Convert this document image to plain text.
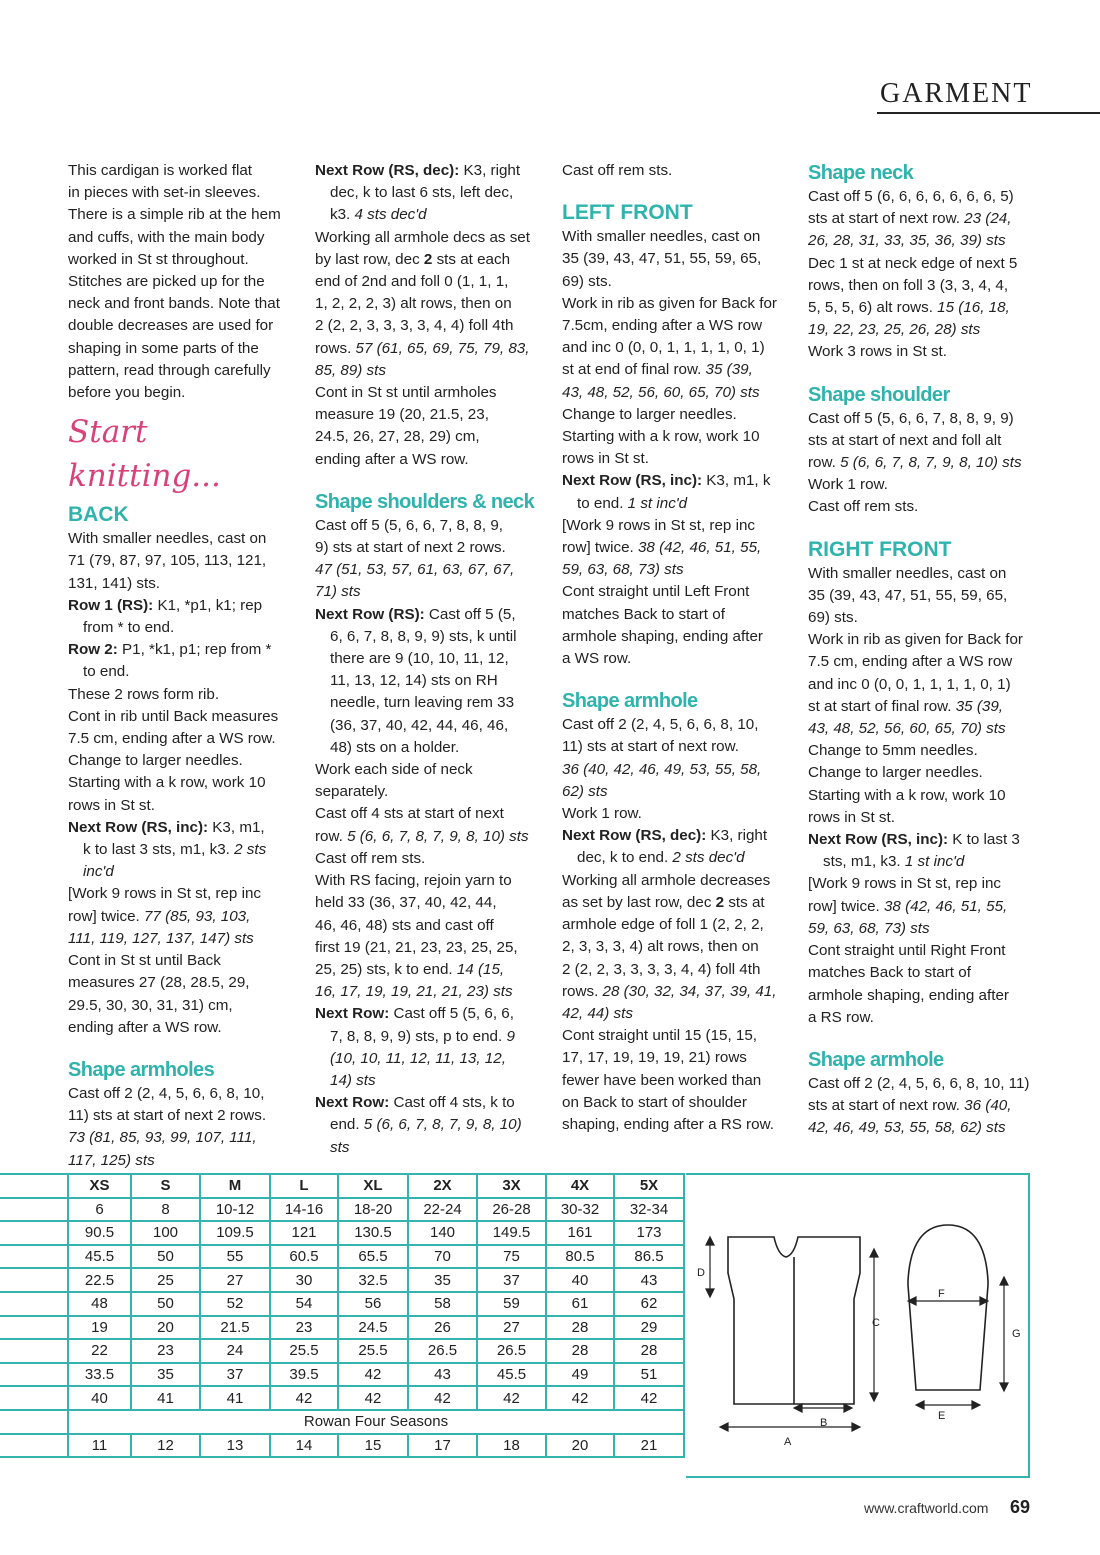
GARMENT

This cardigan is worked flat

in pieces with set-in sleeves.

There is a simple rib at the hem

and cuffs, with the main body

worked in St st throughout.

Stitches are picked up for the

neck and front bands. Note that

double decreases are used for

shaping in some parts of the

pattern, read through carefully

before you begin.

Start knitting...
BACK

With smaller needles, cast on

71 (79, 87, 97, 105, 113, 121,

131, 141) sts.

Row 1 (RS): K1, *p1, k1; rep

from * to end.

Row 2: P1, *k1, p1; rep from *

to end.

These 2 rows form rib.

Cont in rib until Back measures

7.5 cm, ending after a WS row.

Change to larger needles.

Starting with a k row, work 10

rows in St st.

Next Row (RS, inc): K3, m1,

k to last 3 sts, m1, k3. 2 sts

inc'd

[Work 9 rows in St st, rep inc

row] twice. 77 (85, 93, 103,

111, 119, 127, 137, 147) sts

Cont in St st until Back

measures 27 (28, 28.5, 29,

29.5, 30, 30, 31, 31) cm,

ending after a WS row.

Shape armholes

Cast off 2 (2, 4, 5, 6, 6, 8, 10,

11) sts at start of next 2 rows.

73 (81, 85, 93, 99, 107, 111,

117, 125) sts

Next Row (RS, dec): K3, right

dec, k to last 6 sts, left dec,

k3. 4 sts dec'd

Working all armhole decs as set

by last row, dec 2 sts at each

end of 2nd and foll 0 (1, 1, 1,

1, 2, 2, 2, 3) alt rows, then on

2 (2, 2, 3, 3, 3, 3, 4, 4) foll 4th

rows. 57 (61, 65, 69, 75, 79, 83,

85, 89) sts

Cont in St st until armholes

measure 19 (20, 21.5, 23,

24.5, 26, 27, 28, 29) cm,

ending after a WS row.

Shape shoulders & neck

Cast off 5 (5, 6, 6, 7, 8, 8, 9,

9) sts at start of next 2 rows.

47 (51, 53, 57, 61, 63, 67, 67,

71) sts

Next Row (RS): Cast off 5 (5,

6, 6, 7, 8, 8, 9, 9) sts, k until

there are 9 (10, 10, 11, 12,

11, 13, 12, 14) sts on RH

needle, turn leaving rem 33

(36, 37, 40, 42, 44, 46, 46,

48) sts on a holder.

Work each side of neck

separately.

Cast off 4 sts at start of next

row. 5 (6, 6, 7, 8, 7, 9, 8, 10) sts

Cast off rem sts.

With RS facing, rejoin yarn to

held 33 (36, 37, 40, 42, 44,

46, 46, 48) sts and cast off

first 19 (21, 21, 23, 23, 25, 25,

25, 25) sts, k to end. 14 (15,

16, 17, 19, 19, 21, 21, 23) sts

Next Row: Cast off 5 (5, 6, 6,

7, 8, 8, 9, 9) sts, p to end. 9

(10, 10, 11, 12, 11, 13, 12,

14) sts

Next Row: Cast off 4 sts, k to

end. 5 (6, 6, 7, 8, 7, 9, 8, 10) sts

Cast off rem sts.

LEFT FRONT

With smaller needles, cast on

35 (39, 43, 47, 51, 55, 59, 65,

69) sts.

Work in rib as given for Back for

7.5cm, ending after a WS row

and inc 0 (0, 0, 1, 1, 1, 1, 0, 1)

st at end of final row. 35 (39,

43, 48, 52, 56, 60, 65, 70) sts

Change to larger needles.

Starting with a k row, work 10

rows in St st.

Next Row (RS, inc): K3, m1, k

to end. 1 st inc'd

[Work 9 rows in St st, rep inc

row] twice. 38 (42, 46, 51, 55,

59, 63, 68, 73) sts

Cont straight until Left Front

matches Back to start of

armhole shaping, ending after

a WS row.

Shape armhole

Cast off 2 (2, 4, 5, 6, 6, 8, 10,

11) sts at start of next row.

36 (40, 42, 46, 49, 53, 55, 58,

62) sts

Work 1 row.

Next Row (RS, dec): K3, right

dec, k to end. 2 sts dec'd

Working all armhole decreases

as set by last row, dec 2 sts at

armhole edge of foll 1 (2, 2, 2,

2, 3, 3, 3, 4) alt rows, then on

2 (2, 2, 3, 3, 3, 3, 4, 4) foll 4th

rows. 28 (30, 32, 34, 37, 39, 41,

42, 44) sts

Cont straight until 15 (15, 15,

17, 17, 19, 19, 19, 21) rows

fewer have been worked than

on Back to start of shoulder

shaping, ending after a RS row.

Shape neck

Cast off 5 (6, 6, 6, 6, 6, 6, 6, 5)

sts at start of next row. 23 (24,

26, 28, 31, 33, 35, 36, 39) sts

Dec 1 st at neck edge of next 5

rows, then on foll 3 (3, 3, 4, 4,

5, 5, 5, 6) alt rows. 15 (16, 18,

19, 22, 23, 25, 26, 28) sts

Work 3 rows in St st.

Shape shoulder

Cast off 5 (5, 6, 6, 7, 8, 8, 9, 9)

sts at start of next and foll alt

row. 5 (6, 6, 7, 8, 7, 9, 8, 10) sts

Work 1 row.

Cast off rem sts.

RIGHT FRONT

With smaller needles, cast on

35 (39, 43, 47, 51, 55, 59, 65,

69) sts.

Work in rib as given for Back for

7.5 cm, ending after a WS row

and inc 0 (0, 0, 1, 1, 1, 1, 0, 1)

st at start of final row. 35 (39,

43, 48, 52, 56, 60, 65, 70) sts

Change to 5mm needles.

Change to larger needles.

Starting with a k row, work 10

rows in St st.

Next Row (RS, inc): K to last 3

sts, m1, k3. 1 st inc'd

[Work 9 rows in St st, rep inc

row] twice. 38 (42, 46, 51, 55,

59, 63, 68, 73) sts

Cont straight until Right Front

matches Back to start of

armhole shaping, ending after

a RS row.

Shape armhole

Cast off 2 (2, 4, 5, 6, 6, 8, 10, 11)

sts at start of next row. 36 (40,

42, 46, 49, 53, 55, 58, 62) sts

	XS	S	M	L	XL	2X	3X	4X	5X
	6	8	10-12	14-16	18-20	22-24	26-28	30-32	32-34
	90.5	100	109.5	121	130.5	140	149.5	161	173
	45.5	50	55	60.5	65.5	70	75	80.5	86.5
	22.5	25	27	30	32.5	35	37	40	43
	48	50	52	54	56	58	59	61	62
	19	20	21.5	23	24.5	26	27	28	29
	22	23	24	25.5	25.5	26.5	26.5	28	28
	33.5	35	37	39.5	42	43	45.5	49	51
	40	41	41	42	42	42	42	42	42
	Rowan Four Seasons								
	11	12	13	14	15	17	18	20	21
D
C
B
A
F
G
E
www.craftworld.com 69
